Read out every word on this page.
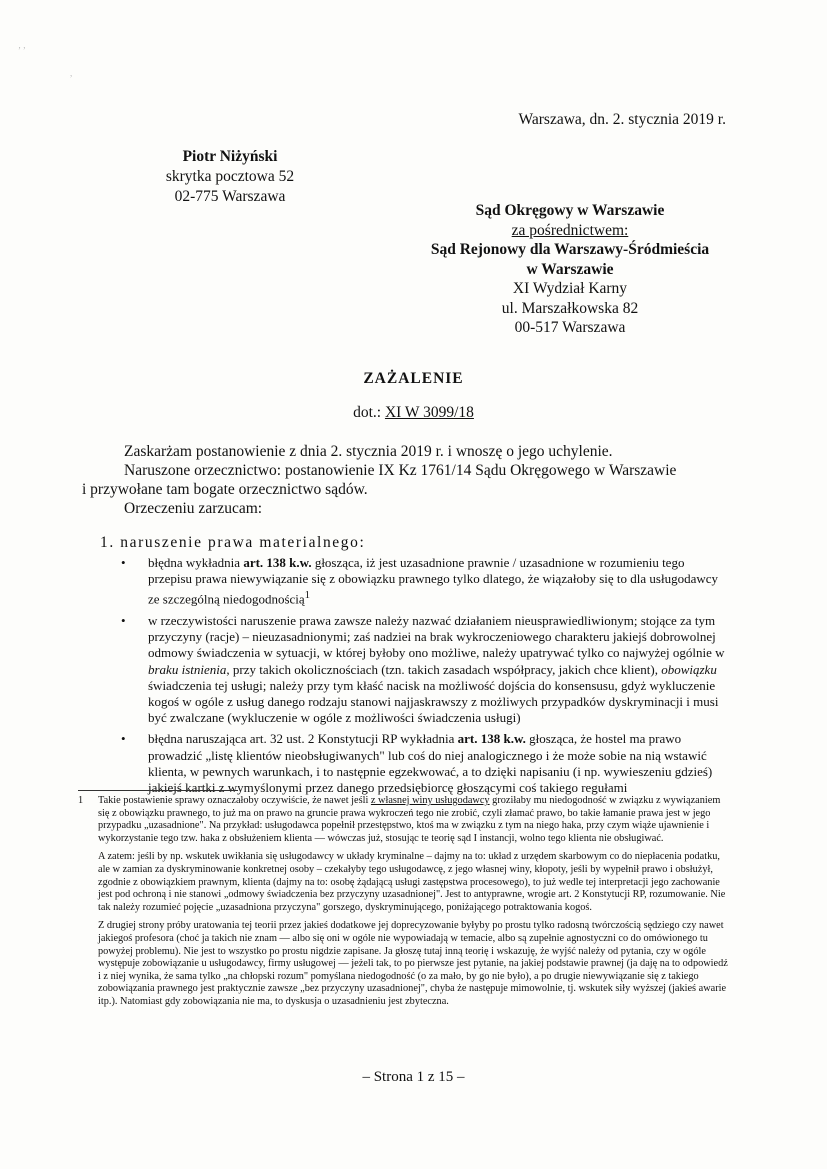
‚ ,
,
Warszawa, dn. 2. stycznia 2019 r.
Piotr Niżyński
skrytka pocztowa 52
02-775 Warszawa
Sąd Okręgowy w Warszawie
za pośrednictwem:
Sąd Rejonowy dla Warszawy-Śródmieścia
w Warszawie
XI Wydział Karny
ul. Marszałkowska 82
00-517 Warszawa
ZAŻALENIE
dot.: XI W 3099/18

Zaskarżam postanowienie z dnia 2. stycznia 2019 r. i wnoszę o jego uchylenie.

Naruszone orzecznictwo: postanowienie IX Kz 1761/14 Sądu Okręgowego w Warszawie

i przywołane tam bogate orzecznictwo sądów.

Orzeczeniu zarzucam:

1. naruszenie prawa materialnego:
• błędna wykładnia art. 138 k.w. głosząca, iż jest uzasadnione prawnie / uzasadnione w rozumieniu tego przepisu prawa niewywiązanie się z obowiązku prawnego tylko dlatego, że wiązałoby się to dla usługodawcy ze szczególną niedogodnością$^1$
• w rzeczywistości naruszenie prawa zawsze należy nazwać działaniem nieusprawiedliwionym; stojące za tym przyczyny (racje) – nieuzasadnionymi; zaś nadziei na brak wykroczeniowego charakteru jakiejś dobrowolnej odmowy świadczenia w sytuacji, w której byłoby ono możliwe, należy upatrywać tylko co najwyżej ogólnie w braku istnienia, przy takich okolicznościach (tzn. takich zasadach współpracy, jakich chce klient), obowiązku świadczenia tej usługi; należy przy tym kłaść nacisk na możliwość dojścia do konsensusu, gdyż wykluczenie kogoś w ogóle z usług danego rodzaju stanowi najjaskrawszy z możliwych przypadków dyskryminacji i musi być zwalczane (wykluczenie w ogóle z możliwości świadczenia usługi)
• błędna naruszająca art. 32 ust. 2 Konstytucji RP wykładnia art. 138 k.w. głosząca, że hostel ma prawo prowadzić „listę klientów nieobsługiwanych" lub coś do niej analogicznego i że może sobie na nią wstawić klienta, w pewnych warunkach, i to następnie egzekwować, a to dzięki napisaniu (i np. wywieszeniu gdzieś) jakiejś kartki z wymyślonymi przez danego przedsiębiorcę głoszącymi coś takiego regułami
1 Takie postawienie sprawy oznaczałoby oczywiście, że nawet jeśli z własnej winy usługodawcy groziłaby mu niedogodność w związku z wywiązaniem się z obowiązku prawnego, to już ma on prawo na gruncie prawa wykroczeń tego nie zrobić, czyli złamać prawo, bo takie łamanie prawa jest w jego przypadku „uzasadnione". Na przykład: usługodawca popełnił przestępstwo, ktoś ma w związku z tym na niego haka, przy czym wiąże ujawnienie i wykorzystanie tego tzw. haka z obsłużeniem klienta — wówczas już, stosując te teorię sąd I instancji, wolno tego klienta nie obsługiwać.

A zatem: jeśli by np. wskutek uwikłania się usługodawcy w układy kryminalne – dajmy na to: układ z urzędem skarbowym co do niepłacenia podatku, ale w zamian za dyskryminowanie konkretnej osoby – czekałyby tego usługodawcę, z jego własnej winy, kłopoty, jeśli by wypełnił prawo i obsłużył, zgodnie z obowiązkiem prawnym, klienta (dajmy na to: osobę żądającą usługi zastępstwa procesowego), to już wedle tej interpretacji jego zachowanie jest pod ochroną i nie stanowi „odmowy świadczenia bez przyczyny uzasadnionej". Jest to antyprawne, wrogie art. 2 Konstytucji RP, rozumowanie. Nie tak należy rozumieć pojęcie „uzasadniona przyczyna" gorszego, dyskryminującego, poniżającego potraktowania kogoś.

Z drugiej strony próby uratowania tej teorii przez jakieś dodatkowe jej doprecyzowanie byłyby po prostu tylko radosną twórczością sędziego czy nawet jakiegoś profesora (choć ja takich nie znam — albo się oni w ogóle nie wypowiadają w temacie, albo są zupełnie agnostyczni co do omówionego tu powyżej problemu). Nie jest to wszystko po prostu nigdzie zapisane. Ja głoszę tutaj inną teorię i wskazuję, że wyjść należy od pytania, czy w ogóle występuje zobowiązanie u usługodawcy, firmy usługowej — jeżeli tak, to po pierwsze jest pytanie, na jakiej podstawie prawnej (ja daję na to odpowiedź i z niej wynika, że sama tylko „na chłopski rozum" pomyślana niedogodność (o za mało, by go nie było), a po drugie niewywiązanie się z takiego zobowiązania prawnego jest praktycznie zawsze „bez przyczyny uzasadnionej", chyba że następuje mimowolnie, tj. wskutek siły wyższej (jakieś awarie itp.). Natomiast gdy zobowiązania nie ma, to dyskusja o uzasadnieniu jest zbyteczna.

– Strona 1 z 15 –
